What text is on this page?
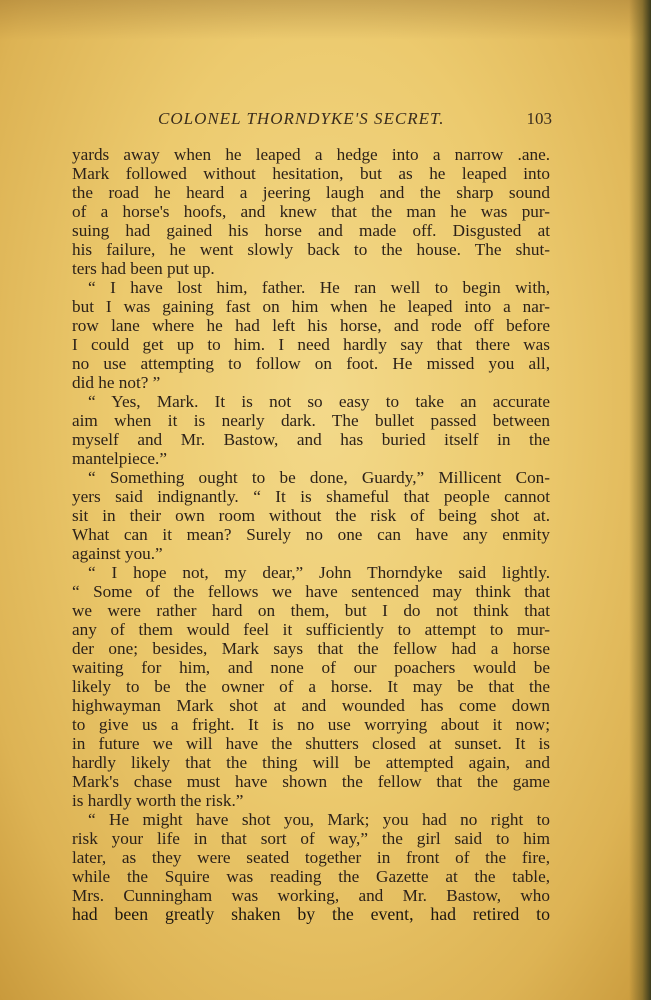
COLONEL THORNDYKE'S SECRET.	103
yards away when he leaped a hedge into a narrow .ane.
Mark followed without hesitation, but as he leaped into
the road he heard a jeering laugh and the sharp sound
of a horse's hoofs, and knew that the man he was pur-
suing had gained his horse and made off. Disgusted at
his failure, he went slowly back to the house. The shut-
ters had been put up.
“ I have lost him, father. He ran well to begin with,
but I was gaining fast on him when he leaped into a nar-
row lane where he had left his horse, and rode off before
I could get up to him. I need hardly say that there was
no use attempting to follow on foot. He missed you all,
did he not? ”
“ Yes, Mark. It is not so easy to take an accurate
aim when it is nearly dark. The bullet passed between
myself and Mr. Bastow, and has buried itself in the
mantelpiece.”
“ Something ought to be done, Guardy,” Millicent Con-
yers said indignantly. “ It is shameful that people cannot
sit in their own room without the risk of being shot at.
What can it mean? Surely no one can have any enmity
against you.”
“ I hope not, my dear,” John Thorndyke said lightly.
“ Some of the fellows we have sentenced may think that
we were rather hard on them, but I do not think that
any of them would feel it sufficiently to attempt to mur-
der one; besides, Mark says that the fellow had a horse
waiting for him, and none of our poachers would be
likely to be the owner of a horse. It may be that the
highwayman Mark shot at and wounded has come down
to give us a fright. It is no use worrying about it now;
in future we will have the shutters closed at sunset. It is
hardly likely that the thing will be attempted again, and
Mark's chase must have shown the fellow that the game
is hardly worth the risk.”
“ He might have shot you, Mark; you had no right to
risk your life in that sort of way,” the girl said to him
later, as they were seated together in front of the fire,
while the Squire was reading the Gazette at the table,
Mrs. Cunningham was working, and Mr. Bastow, who
had been greatly shaken by the event, had retired to
